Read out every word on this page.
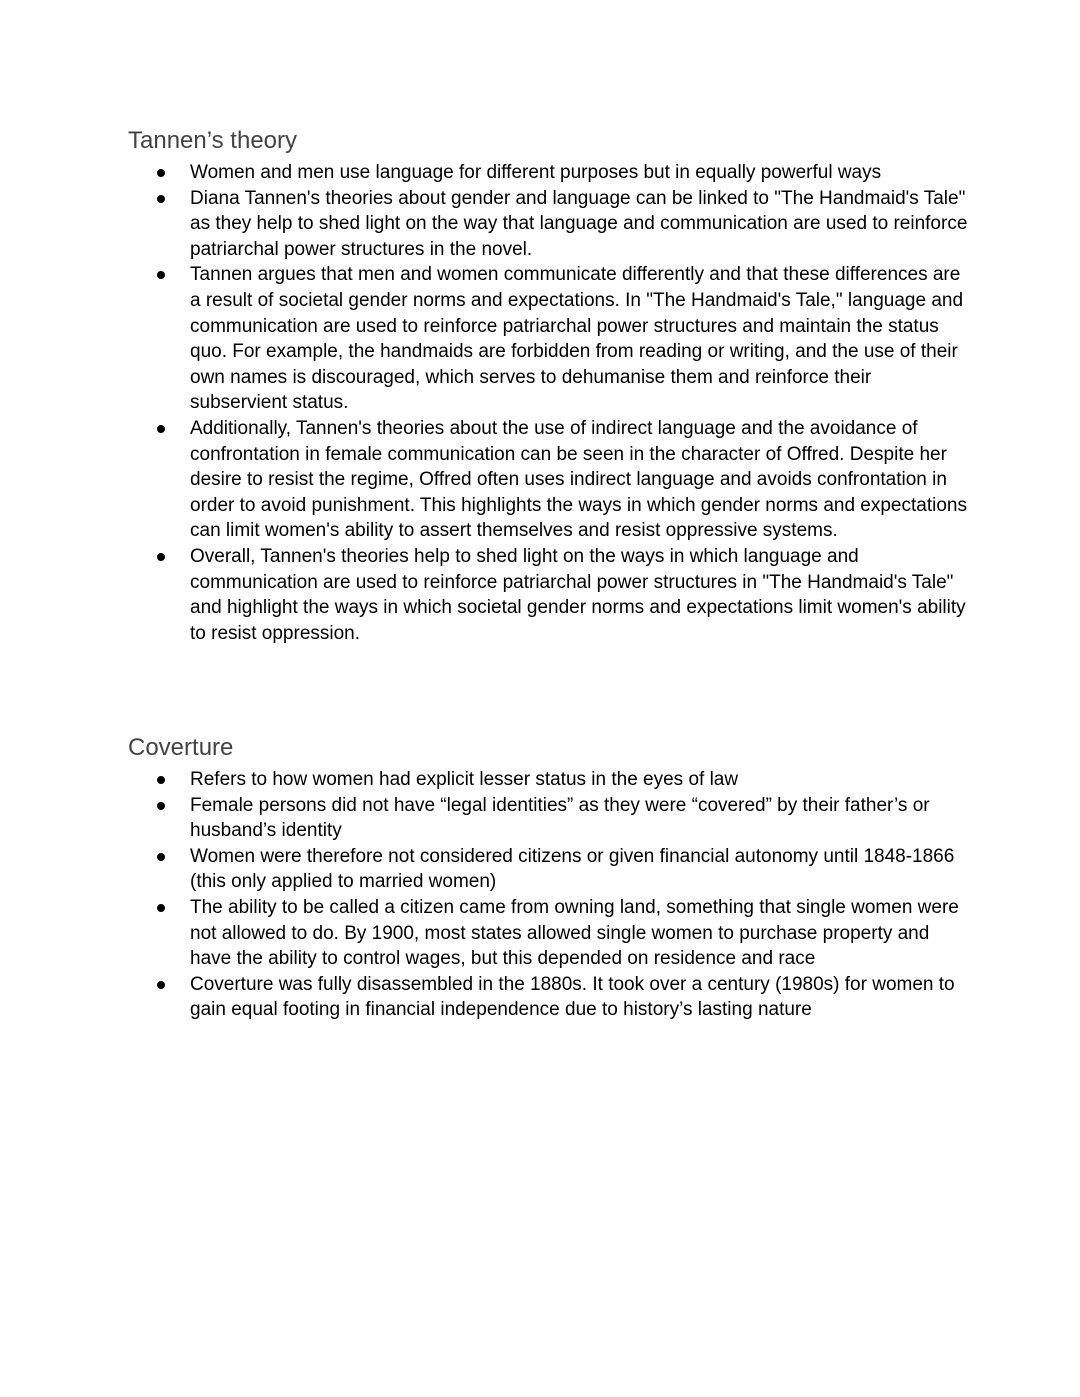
Tannen’s theory
Women and men use language for different purposes but in equally powerful ways
Diana Tannen's theories about gender and language can be linked to "The Handmaid's Tale" as they help to shed light on the way that language and communication are used to reinforce patriarchal power structures in the novel.
Tannen argues that men and women communicate differently and that these differences are a result of societal gender norms and expectations. In "The Handmaid's Tale," language and communication are used to reinforce patriarchal power structures and maintain the status quo. For example, the handmaids are forbidden from reading or writing, and the use of their own names is discouraged, which serves to dehumanise them and reinforce their subservient status.
Additionally, Tannen's theories about the use of indirect language and the avoidance of confrontation in female communication can be seen in the character of Offred. Despite her desire to resist the regime, Offred often uses indirect language and avoids confrontation in order to avoid punishment. This highlights the ways in which gender norms and expectations can limit women's ability to assert themselves and resist oppressive systems.
Overall, Tannen's theories help to shed light on the ways in which language and communication are used to reinforce patriarchal power structures in "The Handmaid's Tale" and highlight the ways in which societal gender norms and expectations limit women's ability to resist oppression.
Coverture
Refers to how women had explicit lesser status in the eyes of law
Female persons did not have “legal identities” as they were “covered” by their father’s or husband’s identity
Women were therefore not considered citizens or given financial autonomy until 1848-1866 (this only applied to married women)
The ability to be called a citizen came from owning land, something that single women were not allowed to do. By 1900, most states allowed single women to purchase property and have the ability to control wages, but this depended on residence and race
Coverture was fully disassembled in the 1880s. It took over a century (1980s) for women to gain equal footing in financial independence due to history’s lasting nature
